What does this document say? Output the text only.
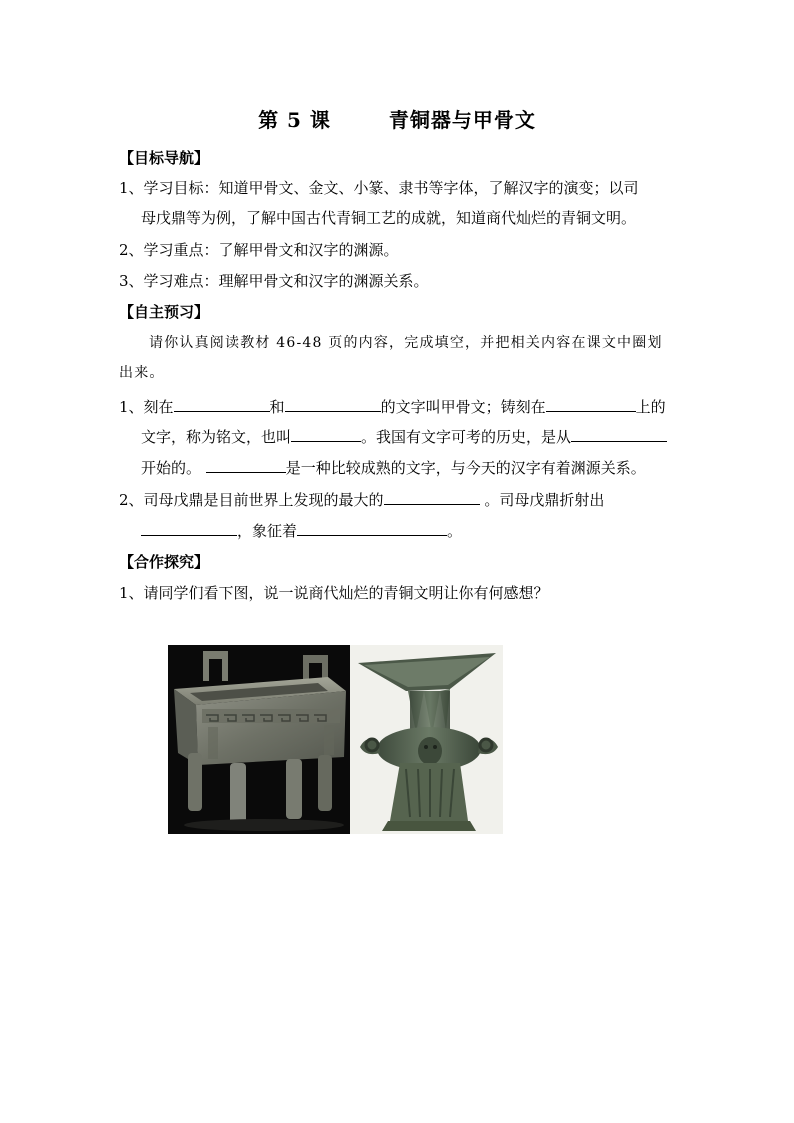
第 5 课	青铜器与甲骨文
【目标导航】
1、学习目标：知道甲骨文、金文、小篆、隶书等字体，了解汉字的演变；以司
母戊鼎等为例，了解中国古代青铜工艺的成就，知道商代灿烂的青铜文明。
2、学习重点：了解甲骨文和汉字的渊源。
3、学习难点：理解甲骨文和汉字的渊源关系。
【自主预习】
请你认真阅读教材 46-48 页的内容，完成填空，并把相关内容在课文中圈划
出来。
1、刻在	和	的文字叫甲骨文；铸刻在	上的
文字，称为铭文，也叫	。我国有文字可考的历史，是从
开始的。	是一种比较成熟的文字，与今天的汉字有着渊源关系。
2、司母戊鼎是目前世界上发现的最大的	。司母戊鼎折射出
，象征着	。
【合作探究】
1、请同学们看下图，说一说商代灿烂的青铜文明让你有何感想？
